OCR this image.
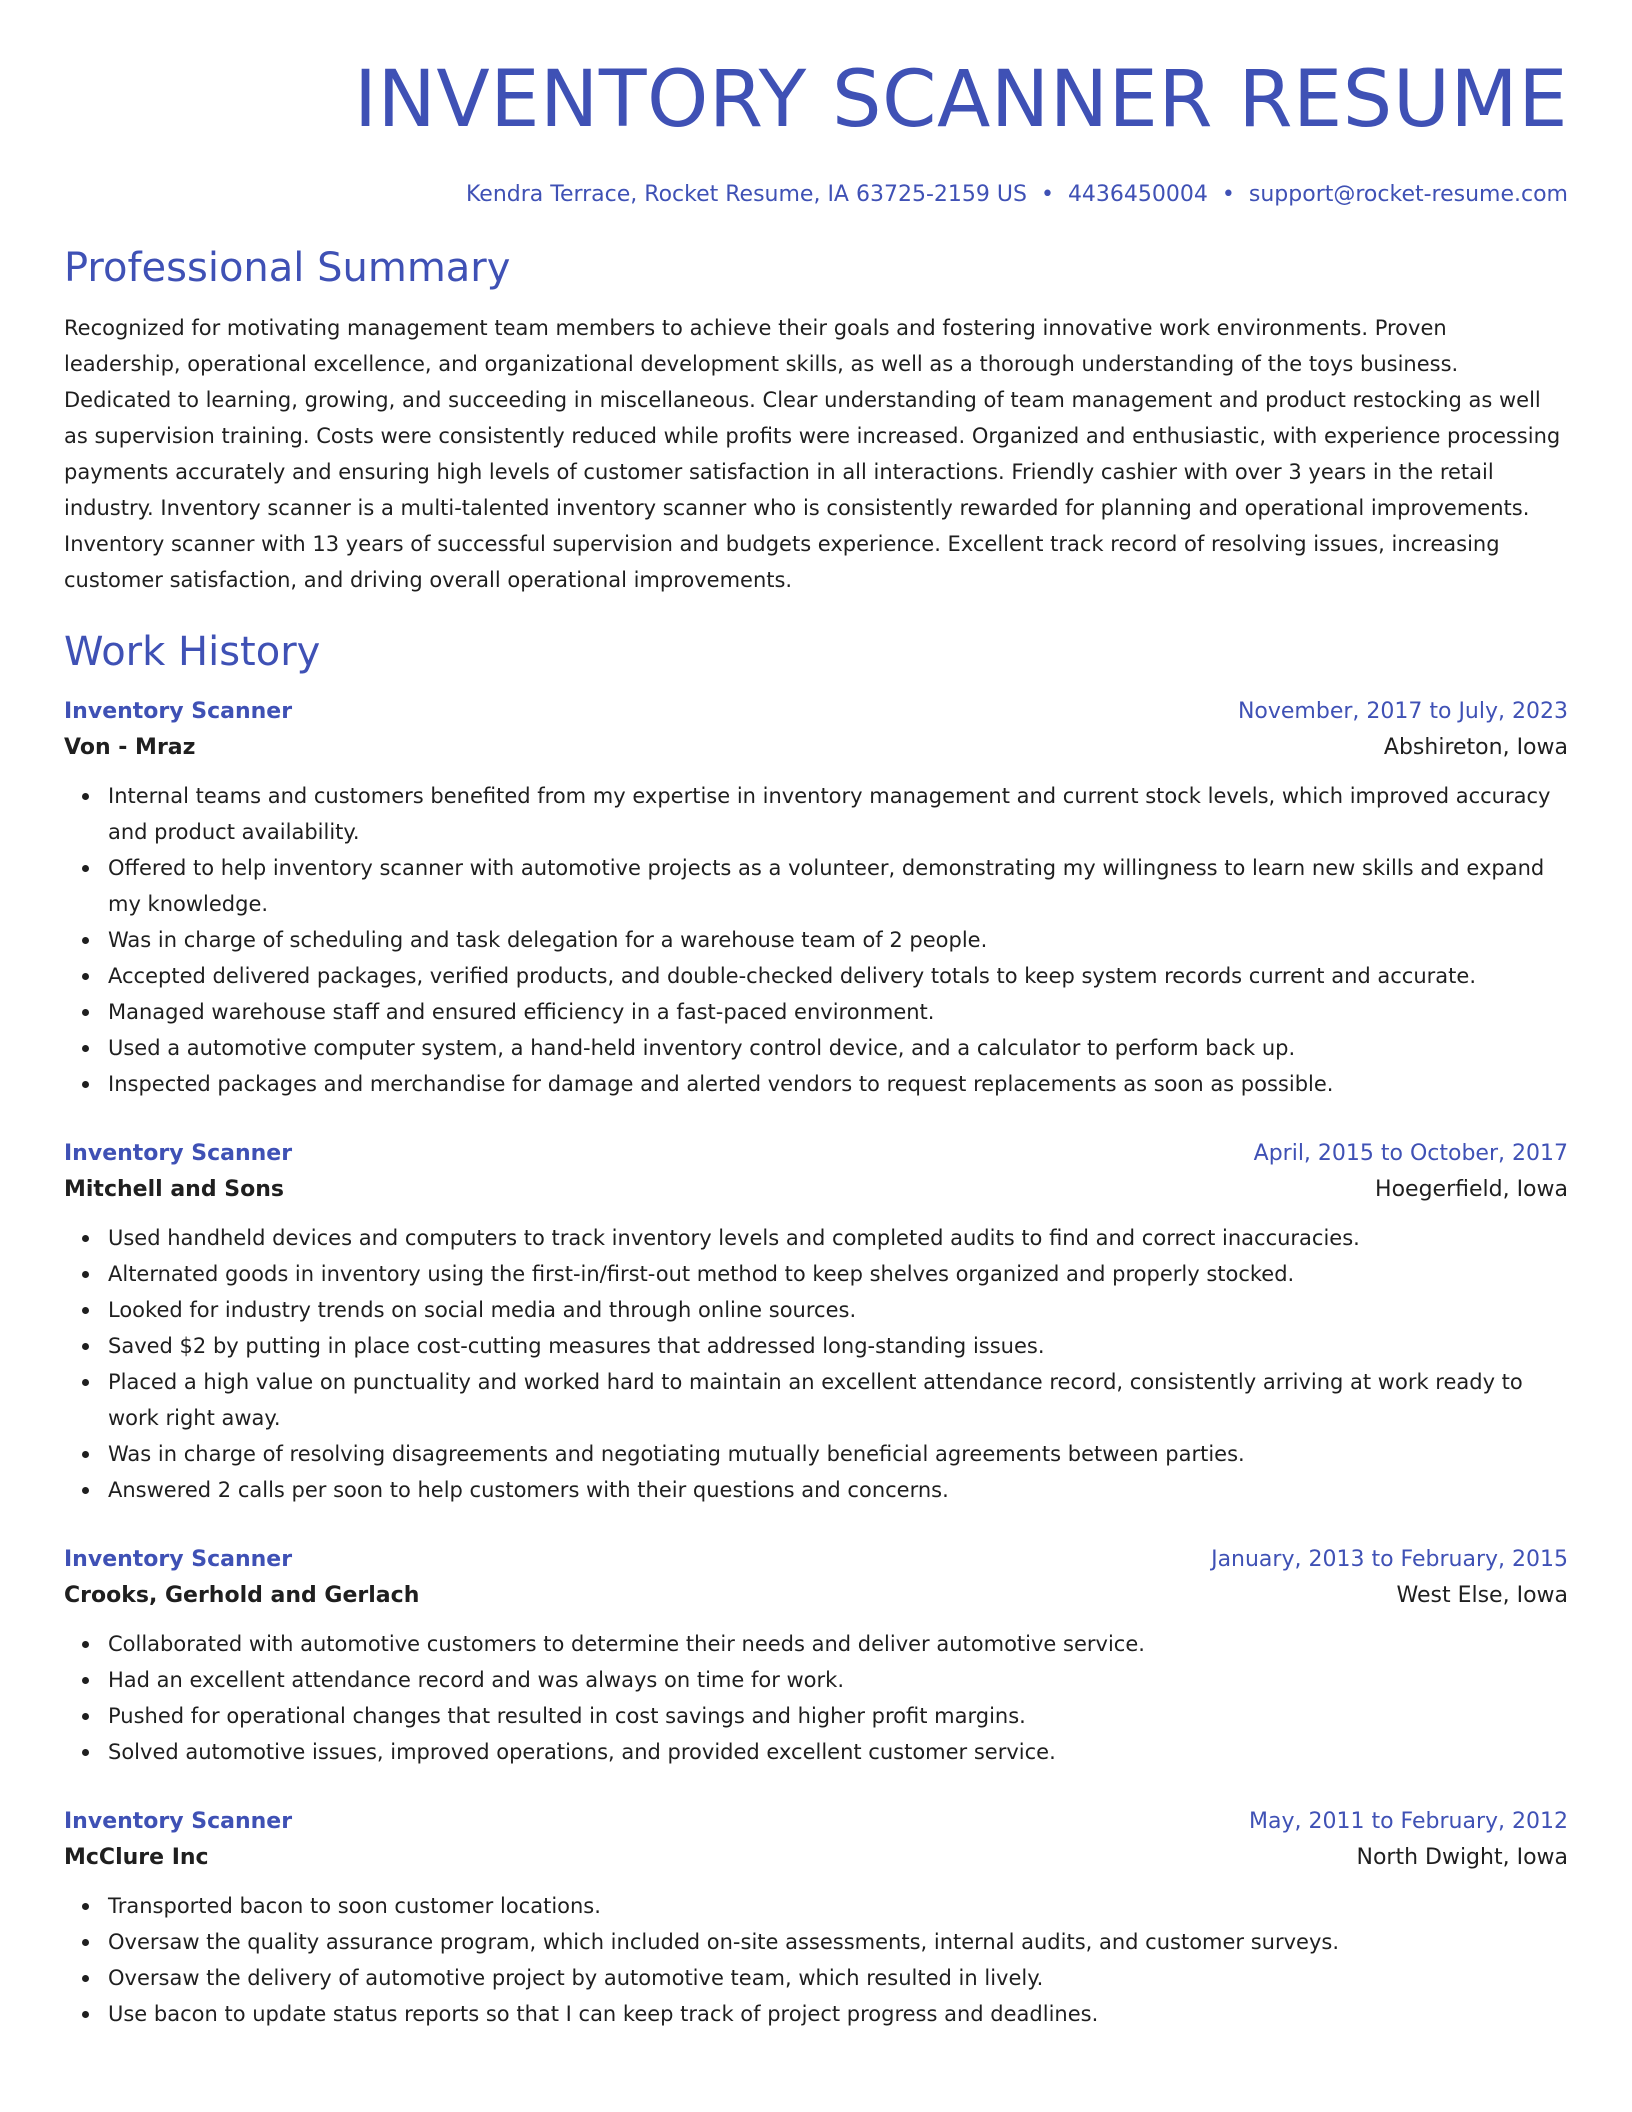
INVENTORY SCANNER RESUME
Kendra Terrace, Rocket Resume, IA 63725-2159 US • 4436450004 • support@rocket-resume.com
Professional Summary

Recognized for motivating management team members to achieve their goals and fostering innovative work environments. Proven leadership, operational excellence, and organizational development skills, as well as a thorough understanding of the toys business. Dedicated to learning, growing, and succeeding in miscellaneous. Clear understanding of team management and product restocking as well as supervision training. Costs were consistently reduced while profits were increased. Organized and enthusiastic, with experience processing payments accurately and ensuring high levels of customer satisfaction in all interactions. Friendly cashier with over 3 years in the retail industry. Inventory scanner is a multi-talented inventory scanner who is consistently rewarded for planning and operational improvements. Inventory scanner with 13 years of successful supervision and budgets experience. Excellent track record of resolving issues, increasing customer satisfaction, and driving overall operational improvements.

Work History
Inventory Scanner	November, 2017 to July, 2023
Von - Mraz	Abshireton, Iowa
Internal teams and customers benefited from my expertise in inventory management and current stock levels, which improved accuracy and product availability.
Offered to help inventory scanner with automotive projects as a volunteer, demonstrating my willingness to learn new skills and expand my knowledge.
Was in charge of scheduling and task delegation for a warehouse team of 2 people.
Accepted delivered packages, verified products, and double-checked delivery totals to keep system records current and accurate.
Managed warehouse staff and ensured efficiency in a fast-paced environment.
Used a automotive computer system, a hand-held inventory control device, and a calculator to perform back up.
Inspected packages and merchandise for damage and alerted vendors to request replacements as soon as possible.
Inventory Scanner	April, 2015 to October, 2017
Mitchell and Sons	Hoegerfield, Iowa
Used handheld devices and computers to track inventory levels and completed audits to find and correct inaccuracies.
Alternated goods in inventory using the first-in/first-out method to keep shelves organized and properly stocked.
Looked for industry trends on social media and through online sources.
Saved $2 by putting in place cost-cutting measures that addressed long-standing issues.
Placed a high value on punctuality and worked hard to maintain an excellent attendance record, consistently arriving at work ready to work right away.
Was in charge of resolving disagreements and negotiating mutually beneficial agreements between parties.
Answered 2 calls per soon to help customers with their questions and concerns.
Inventory Scanner	January, 2013 to February, 2015
Crooks, Gerhold and Gerlach	West Else, Iowa
Collaborated with automotive customers to determine their needs and deliver automotive service.
Had an excellent attendance record and was always on time for work.
Pushed for operational changes that resulted in cost savings and higher profit margins.
Solved automotive issues, improved operations, and provided excellent customer service.
Inventory Scanner	May, 2011 to February, 2012
McClure Inc	North Dwight, Iowa
Transported bacon to soon customer locations.
Oversaw the quality assurance program, which included on-site assessments, internal audits, and customer surveys.
Oversaw the delivery of automotive project by automotive team, which resulted in lively.
Use bacon to update status reports so that I can keep track of project progress and deadlines.
